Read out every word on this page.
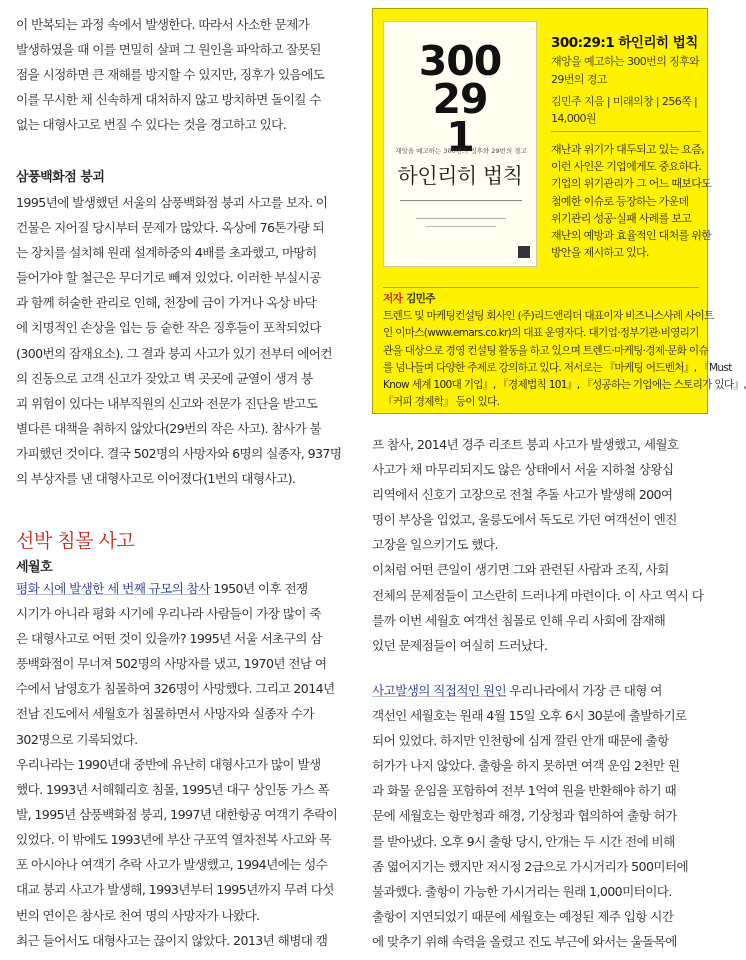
이 반복되는 과정 속에서 발생한다. 따라서 사소한 문제가
발생하였을 때 이를 면밀히 살펴 그 원인을 파악하고 잘못된
점을 시정하면 큰 재해를 방지할 수 있지만, 징후가 있음에도
이를 무시한 채 신속하게 대처하지 않고 방치하면 돌이킬 수
없는 대형사고로 번질 수 있다는 것을 경고하고 있다.
삼풍백화점 붕괴
1995년에 발생했던 서울의 삼풍백화점 붕괴 사고를 보자. 이
건물은 지어질 당시부터 문제가 많았다. 옥상에 76톤가량 되
는 장치를 설치해 원래 설계하중의 4배를 초과했고, 마땅히
들어가야 할 철근은 무더기로 빼져 있었다. 이러한 부실시공
과 함께 허술한 관리로 인해, 천장에 금이 가거나 옥상 바닥
에 치명적인 손상을 입는 등 숱한 작은 징후들이 포착되었다
(300번의 잠재요소). 그 결과 붕괴 사고가 있기 전부터 에어컨
의 진동으로 고객 신고가 잦았고 벽 곳곳에 균열이 생겨 붕
괴 위험이 있다는 내부직원의 신고와 전문가 진단을 받고도
별다른 대책을 취하지 않았다(29번의 작은 사고). 참사가 불
가피했던 것이다. 결국 502명의 사망자와 6명의 실종자, 937명
의 부상자를 낸 대형사고로 이어졌다(1번의 대형사고).
선박 침몰 사고
세월호
평화 시에 발생한 세 번째 규모의 참사 1950년 이후 전쟁
시기가 아니라 평화 시기에 우리나라 사람들이 가장 많이 죽
은 대형사고로 어떤 것이 있을까? 1995년 서울 서초구의 삼
풍백화점이 무너져 502명의 사망자를 냈고, 1970년 전남 여
수에서 남영호가 침몰하여 326명이 사망했다. 그리고 2014년
전남 진도에서 세월호가 침몰하면서 사망자와 실종자 수가
302명으로 기록되었다.
우리나라는 1990년대 중반에 유난히 대형사고가 많이 발생
했다. 1993년 서해훼리호 침몰, 1995년 대구 상인동 가스 폭
발, 1995년 삼풍백화점 붕괴, 1997년 대한항공 여객기 추락이
있었다. 이 밖에도 1993년에 부산 구포역 열차전복 사고와 목
포 아시아나 여객기 추락 사고가 발생했고, 1994년에는 성수
대교 붕괴 사고가 발생해, 1993년부터 1995년까지 무려 다섯
번의 연이은 참사로 천여 명의 사망자가 나왔다.
최근 들어서도 대형사고는 끊이지 않았다. 2013년 해병대 캠
300
29
1
재앙을 예고하는 300번의 징후와 29번의 경고
하인리히 법칙
300:29:1 하인리히 법칙
재앙을 예고하는 300번의 징후와 29번의 경고
김민주 지음 | 미래의창 | 256쪽 |
14,000원
재난과 위기가 대두되고 있는 요즘,
이런 사인은 기업에게도 중요하다.
기업의 위기관리가 그 어느 때보다도
첨예한 이슈로 등장하는 가운데
위기관리 성공·실패 사례를 보고
재난의 예방과 효율적인 대처를 위한
방안을 제시하고 있다.
저자 김민주
트렌드 및 마케팅컨설팅 회사인 (주)리드앤리더 대표이자 비즈니스사례 사이트
인 이마스(www.emars.co.kr)의 대표 운영자다. 대기업·정부기관·비영리기
관을 대상으로 경영 컨설팅 활동을 하고 있으며 트렌드·마케팅·경제·문화 이슈
를 넘나들며 다양한 주제로 강의하고 있다. 저서로는 『마케팅 어드벤처』, 『Must
Know 세계 100대 기업』, 『경제법칙 101』, 『성공하는 기업에는 스토리가 있다』,
『커피 경제학』 등이 있다.
프 참사, 2014년 경주 리조트 붕괴 사고가 발생했고, 세월호
사고가 채 마무리되지도 않은 상태에서 서울 지하철 상왕십
리역에서 신호기 고장으로 전철 추돌 사고가 발생해 200여
명이 부상을 입었고, 울릉도에서 독도로 가던 여객선이 엔진
고장을 일으키기도 했다.
이처럼 어떤 큰일이 생기면 그와 관련된 사람과 조직, 사회
전체의 문제점들이 고스란히 드러나게 마련이다. 이 사고 역시 다
를까 이번 세월호 여객선 침몰로 인해 우리 사회에 잠재해
있던 문제점들이 여실히 드러났다.
사고발생의 직접적인 원인 우리나라에서 가장 큰 대형 여
객선인 세월호는 원래 4월 15일 오후 6시 30분에 출발하기로
되어 있었다. 하지만 인천항에 심게 깔린 안개 때문에 출항
허가가 나지 않았다. 출항을 하지 못하면 여객 운임 2천만 원
과 화물 운임을 포함하여 전부 1억여 원을 반환해야 하기 때
문에 세월호는 항만청과 해경, 기상청과 협의하여 출항 허가
를 받아냈다. 오후 9시 출항 당시, 안개는 두 시간 전에 비해
좀 엷어지기는 했지만 저시정 2급으로 가시거리가 500미터에
불과했다. 출항이 가능한 가시거리는 원래 1,000미터이다.
출항이 지연되었기 때문에 세월호는 예정된 제주 입항 시간
에 맞추기 위해 속력을 올렸고 진도 부근에 와서는 울돌목에
